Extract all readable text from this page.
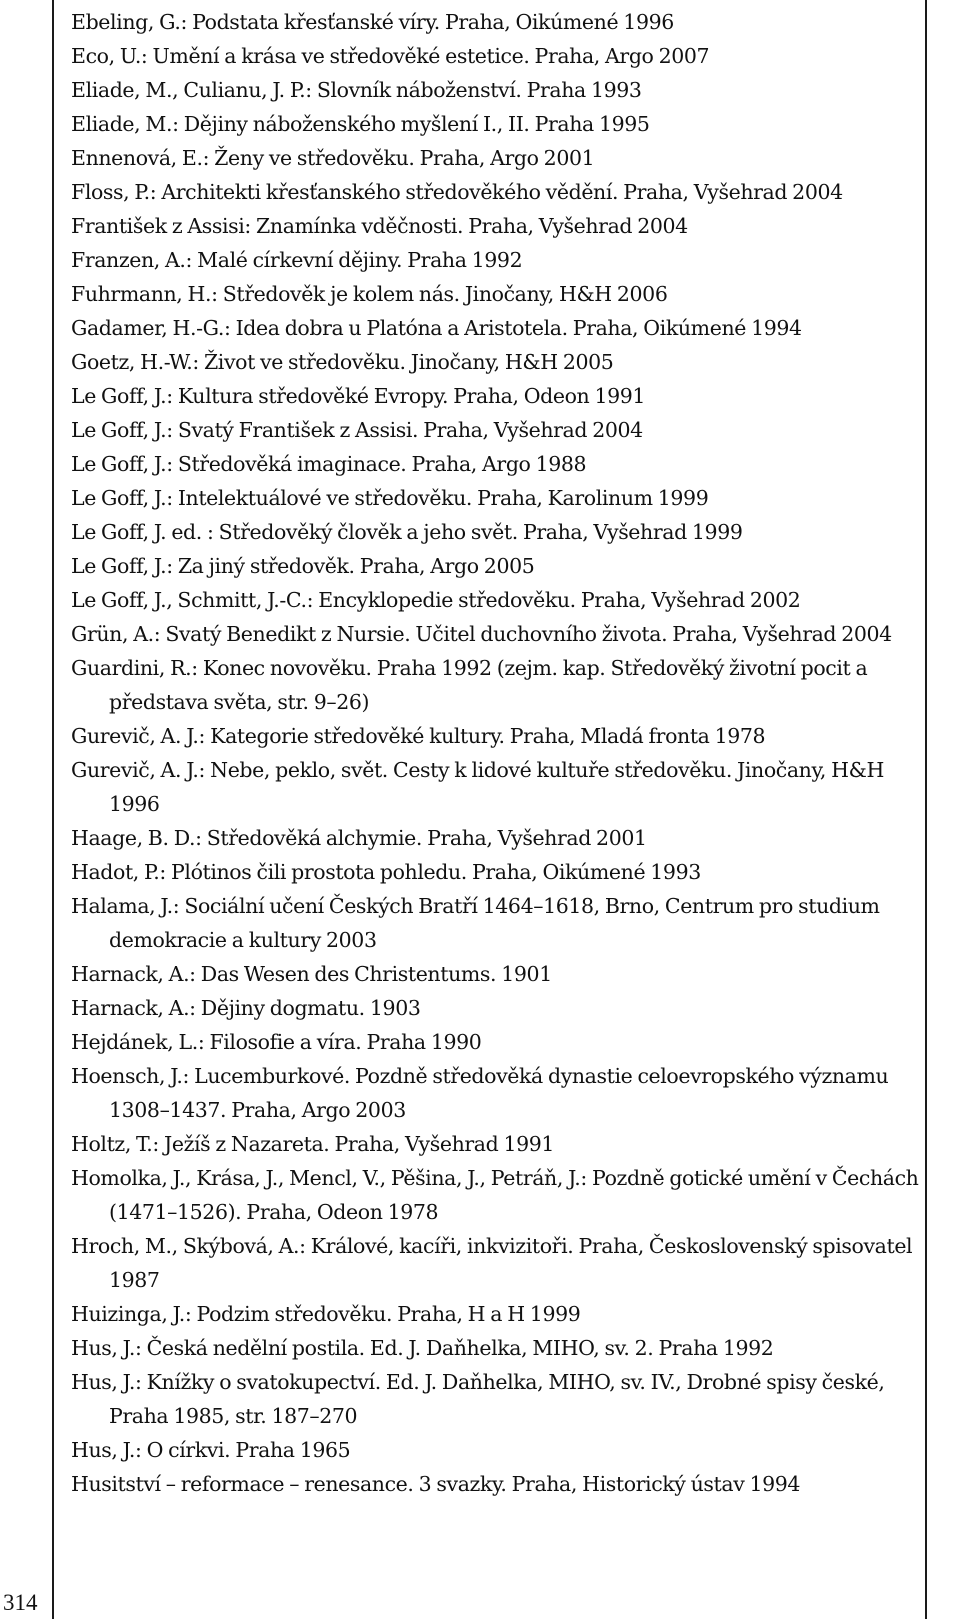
314
Ebeling, G.: Podstata křesťanské víry. Praha, Oikúmené 1996
Eco, U.: Umění a krása ve středověké estetice. Praha, Argo 2007
Eliade, M., Culianu, J. P.: Slovník náboženství. Praha 1993
Eliade, M.: Dějiny náboženského myšlení I., II. Praha 1995
Ennenová, E.: Ženy ve středověku. Praha, Argo 2001
Floss, P.: Architekti křesťanského středověkého vědění. Praha, Vyšehrad 2004
František z Assisi: Znamínka vděčnosti. Praha, Vyšehrad 2004
Franzen, A.: Malé církevní dějiny. Praha 1992
Fuhrmann, H.: Středověk je kolem nás. Jinočany, H&H 2006
Gadamer, H.-G.: Idea dobra u Platóna a Aristotela. Praha, Oikúmené 1994
Goetz, H.-W.: Život ve středověku. Jinočany, H&H 2005
Le Goff, J.: Kultura středověké Evropy. Praha, Odeon 1991
Le Goff, J.: Svatý František z Assisi. Praha, Vyšehrad 2004
Le Goff, J.: Středověká imaginace. Praha, Argo 1988
Le Goff, J.: Intelektuálové ve středověku. Praha, Karolinum 1999
Le Goff, J. ed. : Středověký člověk a jeho svět. Praha, Vyšehrad 1999
Le Goff, J.: Za jiný středověk. Praha, Argo 2005
Le Goff, J., Schmitt, J.-C.: Encyklopedie středověku. Praha, Vyšehrad 2002
Grün, A.: Svatý Benedikt z Nursie. Učitel duchovního života. Praha, Vyšehrad 2004
Guardini, R.: Konec novověku. Praha 1992 (zejm. kap. Středověký životní pocit a představa světa, str. 9–26)
Gurevič, A. J.: Kategorie středověké kultury. Praha, Mladá fronta 1978
Gurevič, A. J.: Nebe, peklo, svět. Cesty k lidové kultuře středověku. Jinočany, H&H 1996
Haage, B. D.: Středověká alchymie. Praha, Vyšehrad 2001
Hadot, P.: Plótinos čili prostota pohledu. Praha, Oikúmené 1993
Halama, J.: Sociální učení Českých Bratří 1464–1618, Brno, Centrum pro studium demokracie a kultury 2003
Harnack, A.: Das Wesen des Christentums. 1901
Harnack, A.: Dějiny dogmatu. 1903
Hejdánek, L.: Filosofie a víra. Praha 1990
Hoensch, J.: Lucemburkové. Pozdně středověká dynastie celoevropského významu 1308–1437. Praha, Argo 2003
Holtz, T.: Ježíš z Nazareta. Praha, Vyšehrad 1991
Homolka, J., Krása, J., Mencl, V., Pěšina, J., Petráň, J.: Pozdně gotické umění v Čechách (1471–1526). Praha, Odeon 1978
Hroch, M., Skýbová, A.: Králové, kacíři, inkvizitoři. Praha, Československý spisovatel 1987
Huizinga, J.: Podzim středověku. Praha, H a H 1999
Hus, J.: Česká nedělní postila. Ed. J. Daňhelka, MIHO, sv. 2. Praha 1992
Hus, J.: Knížky o svatokupectví. Ed. J. Daňhelka, MIHO, sv. IV., Drobné spisy české, Praha 1985, str. 187–270
Hus, J.: O církvi. Praha 1965
Husitství – reformace – renesance. 3 svazky. Praha, Historický ústav 1994
